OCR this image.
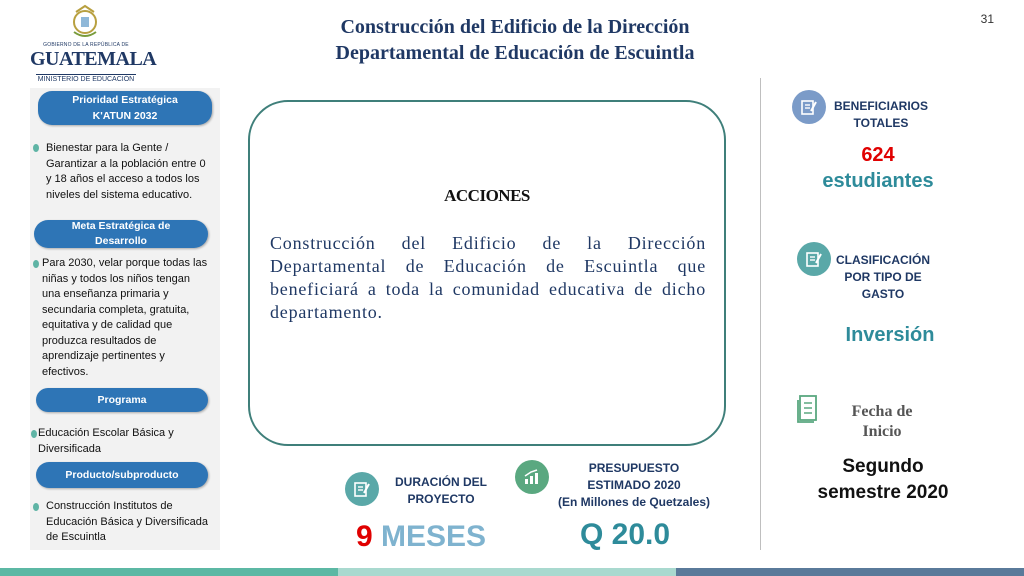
31
GOBIERNO DE LA REPÚBLICA DE
GUATEMALA
MINISTERIO DE EDUCACIÓN
Construcción del Edificio de la Dirección
Departamental de Educación de Escuintla
Prioridad Estratégica
K'ATUN 2032
Bienestar para la Gente / Garantizar a la población entre 0 y 18 años el acceso a todos los niveles del sistema educativo.
Meta Estratégica de
Desarrollo
Para 2030, velar porque todas las niñas y todos los niños tengan una enseñanza primaria y secundaria completa, gratuita, equitativa y de calidad que produzca resultados de aprendizaje pertinentes y efectivos.
Programa
Educación Escolar Básica y Diversificada
Producto/subproducto
Construcción Institutos de Educación Básica y Diversificada de Escuintla
ACCIONES
Construcción del Edificio de la Dirección Departamental de Educación de Escuintla que beneficiará a toda la comunidad educativa de dicho departamento.
DURACIÓN DEL
PROYECTO
9 MESES
PRESUPUESTO
ESTIMADO 2020
(En Millones de Quetzales)
Q 20.0
BENEFICIARIOS
TOTALES
624
estudiantes
CLASIFICACIÓN
POR TIPO DE
GASTO
Inversión
Fecha de
Inicio
Segundo
semestre 2020
